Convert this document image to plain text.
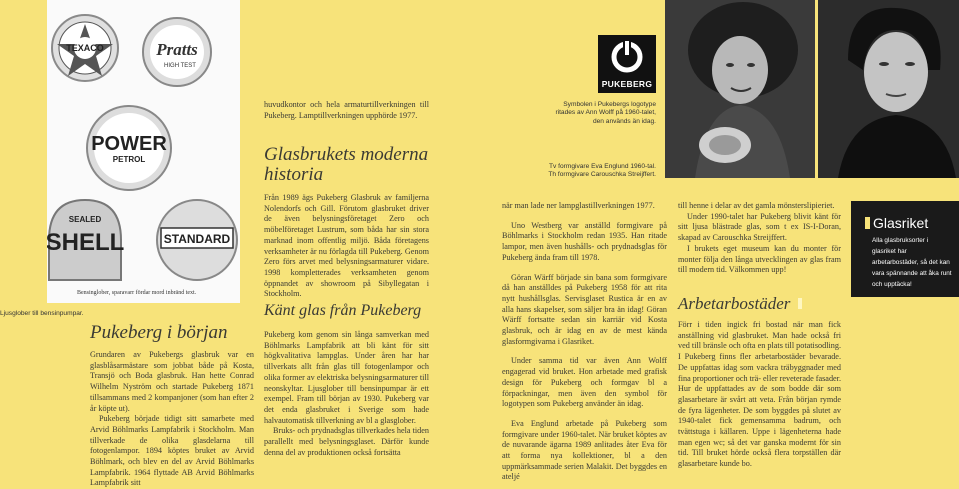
TEXACO	Pratts
HIGH TEST
POWER
PETROL
SEALED
SHELL	STANDARD
Bensinglober, sparavarr fördar mord inbränd text.
Ljusglober till bensinpumpar.
Pukeberg i början

Grundaren av Pukebergs glasbruk var en glasblåsarmästare som jobbat både på Kosta, Transjö och Boda glasbruk. Han hette Conrad Wilhelm Nyström och startade Pukeberg 1871 tillsammans med 2 kompanjoner (som han efter 2 år köpte ut).

Pukeberg började tidigt sitt samarbete med Arvid Böhlmarks Lampfabrik i Stockholm. Man tillverkade de olika glasdelarna till fotogenlampor. 1894 köptes bruket av Arvid Böhlmark, och blev en del av Arvid Böhlmarks Lampfabrik. 1964 flyttade AB Arvid Böhlmarks Lampfabrik sitt

huvudkontor och hela armaturtillverkningen till Pukeberg. Lamptillverkningen upphörde 1977.

Glasbrukets moderna
historia

Från 1989 ägs Pukeberg Glasbruk av familjerna Nolendorfs och Gill. Förutom glasbruket driver de även belysningsföretaget Zero och möbelföretaget Lustrum, som båda har sin stora marknad inom offentlig miljö. Båda företagens verksamheter är nu förlagda till Pukeberg. Genom Zero förs arvet med belysningsarmaturer vidare. 1998 kompletterades verksamheten genom öppnandet av showroom på Sibyllegatan i Stockholm.

Känt glas från Pukeberg

Pukeberg kom genom sin långa samverkan med Böhlmarks Lampfabrik att bli känt för sitt högkvalitativa lampglas. Under åren har har tillverkats allt från glas till fotogenlampor och olika former av elektriska belysningsarmaturer till neonskyltar. Ljusglober till bensinpumpar är ett exempel. Fram till början av 1930. Pukeberg var det enda glasbruket i Sverige som hade halvautomatisk tillverkning av bl a glasglober.

Bruks- och prydnadsglas tillverkades hela tiden parallellt med belysningsglaset. Därför kunde denna del av produktionen också fortsätta

PUKEBERG
Symbolen i Pukebergs logotype
ritades av Ann Wolff på 1960-talet,
den används än idag.
Tv formgivare Eva Englund 1960-tal.
Th formgivare Carouschka Streijffert.

när man lade ner lampglastillverkningen 1977.

Uno Westberg var anställd formgivare på Böhlmarks i Stockholm redan 1935. Han ritade lampor, men även hushålls- och prydnadsglas för Pukeberg ända fram till 1978.

Göran Wärff började sin bana som formgivare då han anställdes på Pukeberg 1958 för att rita nytt hushållsglas. Servisglaset Rustica är en av alla hans skapelser, som säljer bra än idag! Göran Wärff fortsatte sedan sin karriär vid Kosta glasbruk, och är idag en av de mest kända glasformgivarna i Glasriket.

Under samma tid var även Ann Wolff engagerad vid bruket. Hon arbetade med grafisk design för Pukeberg och formgav bl a förpackningar, men även den symbol för logotypen som Pukeberg använder än idag.

Eva Englund arbetade på Pukeberg som formgivare under 1960-talet. När bruket köptes av de nuvarande ägarna 1989 anlitades åter Eva för att forma nya kollektioner, bl a den uppmärksammade serien Malakit. Det byggdes en ateljé

till henne i delar av det gamla mönsterslipieriet.

Under 1990-talet har Pukeberg blivit känt för sitt ljusa blästrade glas, som t ex IS-I-Doran, skapad av Carouschka Streijffert.

I brukets eget museum kan du monter för monter följa den långa utvecklingen av glas fram till modern tid. Välkommen upp!

Arbetarbostäder

Förr i tiden ingick fri bostad när man fick anställning vid glasbruket. Man hade också fri ved till bränsle och ofta en plats till potatisodling. I Pukeberg finns fler arbetarbostäder bevarade. De uppfattas idag som vackra träbyggnader med fina proportioner och trä- eller reveterade fasader. Hur de uppfattades av de som bodde där som glasarbetare är svårt att veta. Från början rymde de fyra lägenheter. De som byggdes på slutet av 1940-talet fick gemensamma badrum, och tvättstuga i källaren. Uppe i lägenheterna hade man egen wc; så det var ganska modernt för sin tid. Till bruket hörde också flera torpställen där glasarbetare kunde bo.

Glasriket
Alla glasbruksorter i glasriket har arbetarbostäder, så det kan vara spännande att åka runt och upptäcka!
